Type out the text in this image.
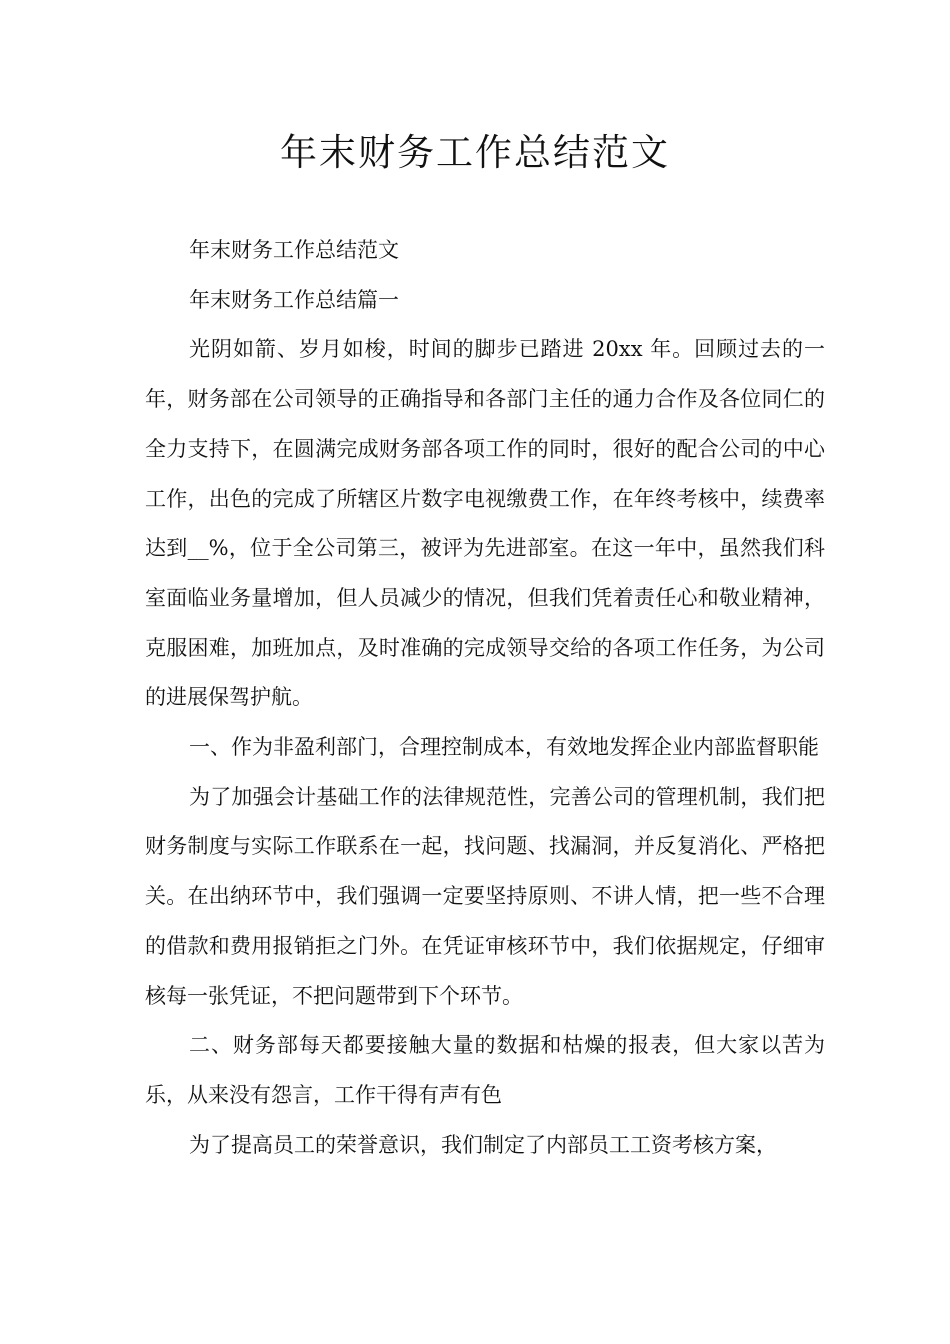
年末财务工作总结范文

年末财务工作总结范文

年末财务工作总结篇一

光阴如箭、岁月如梭，时间的脚步已踏进 20xx 年。回顾过去的一年，财务部在公司领导的正确指导和各部门主任的通力合作及各位同仁的全力支持下，在圆满完成财务部各项工作的同时，很好的配合公司的中心工作，出色的完成了所辖区片数字电视缴费工作，在年终考核中，续费率达到__%，位于全公司第三，被评为先进部室。在这一年中，虽然我们科室面临业务量增加，但人员减少的情况，但我们凭着责任心和敬业精神，克服困难，加班加点，及时准确的完成领导交给的各项工作任务，为公司的进展保驾护航。

一、作为非盈利部门，合理控制成本，有效地发挥企业内部监督职能

为了加强会计基础工作的法律规范性，完善公司的管理机制，我们把财务制度与实际工作联系在一起，找问题、找漏洞，并反复消化、严格把关。在出纳环节中，我们强调一定要坚持原则、不讲人情，把一些不合理的借款和费用报销拒之门外。在凭证审核环节中，我们依据规定，仔细审核每一张凭证，不把问题带到下个环节。

二、财务部每天都要接触大量的数据和枯燥的报表，但大家以苦为乐，从来没有怨言，工作干得有声有色

为了提高员工的荣誉意识，我们制定了内部员工工资考核方案，
